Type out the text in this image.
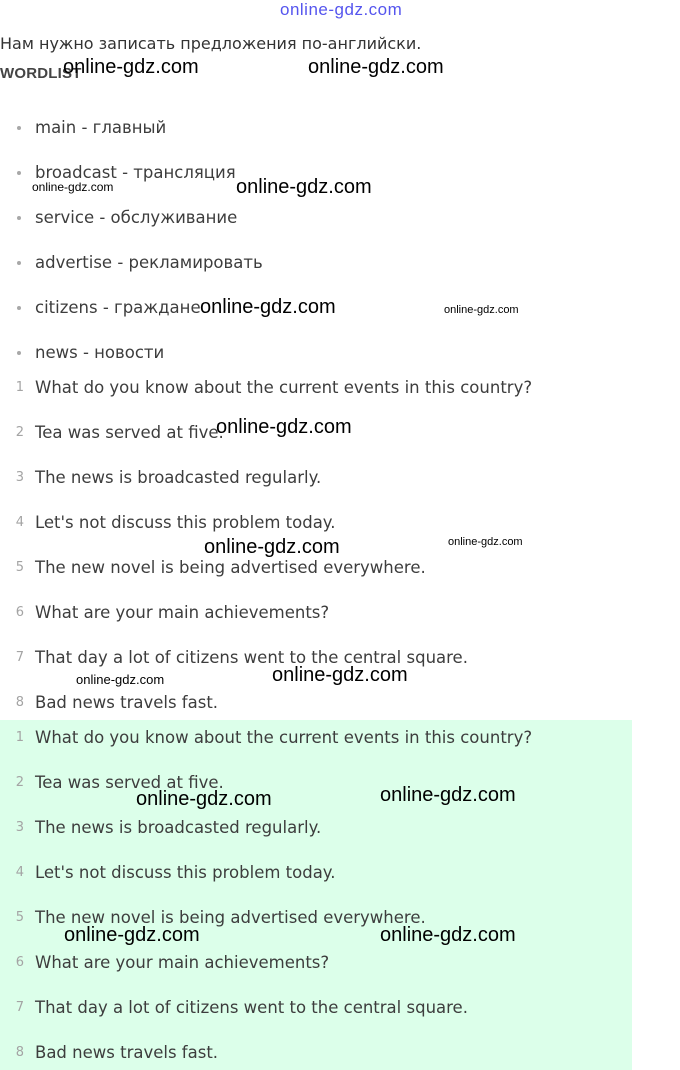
online-gdz.com
Нам нужно записать предложения по-английски.
WORDLIST
main - главный
broadcast - трансляция
service - обслуживание
advertise - рекламировать
citizens - граждане
news - новости
1 What do you know about the current events in this country?
2 Tea was served at five.
3 The news is broadcasted regularly.
4 Let's not discuss this problem today.
5 The new novel is being advertised everywhere.
6 What are your main achievements?
7 That day a lot of citizens went to the central square.
8 Bad news travels fast.
1 What do you know about the current events in this country?
2 Tea was served at five.
3 The news is broadcasted regularly.
4 Let's not discuss this problem today.
5 The new novel is being advertised everywhere.
6 What are your main achievements?
7 That day a lot of citizens went to the central square.
8 Bad news travels fast.
online-gdz.com	online-gdz.com
online-gdz.com	online-gdz.com
online-gdz.com	online-gdz.com
online-gdz.com
online-gdz.com	online-gdz.com
online-gdz.com	online-gdz.com
online-gdz.com	online-gdz.com
online-gdz.com	online-gdz.com
